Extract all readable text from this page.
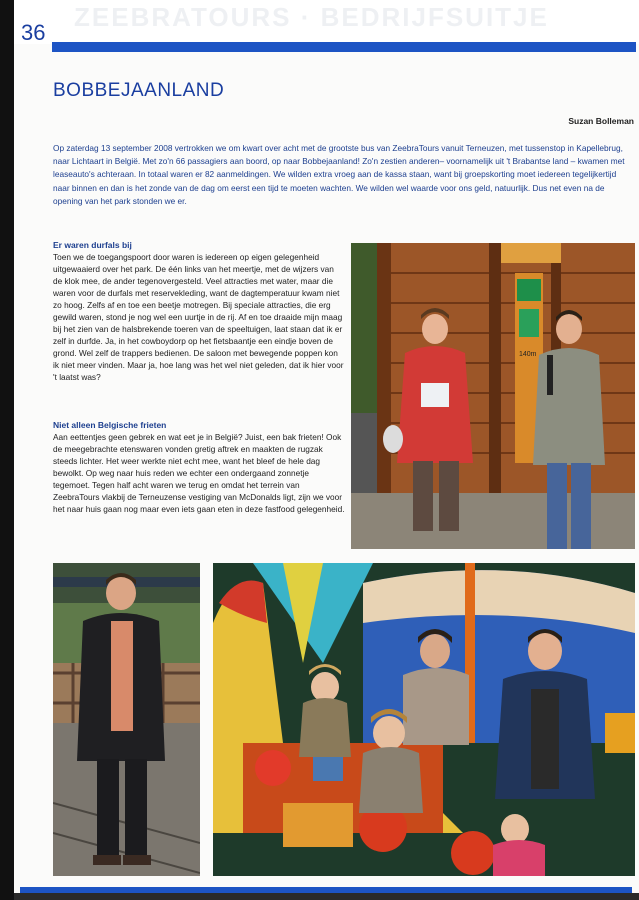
ZEEBRATOURS · BEDRIJFSUITJE
36
BOBBEJAANLAND
Suzan Bolleman
Op zaterdag 13 september 2008 vertrokken we om kwart over acht met de grootste bus van ZeebraTours vanuit Terneuzen, met tussenstop in Kapellebrug, naar Lichtaart in België. Met zo'n 66 passagiers aan boord, op naar Bobbejaanland! Zo'n zestien anderen– voornamelijk uit 't Brabantse land – kwamen met leaseauto's achteraan. In totaal waren er 82 aanmeldingen. We wilden extra vroeg aan de kassa staan, want bij groepskorting moet iedereen tegelijkertijd naar binnen en dan is het zonde van de dag om eerst een tijd te moeten wachten. We wilden wel waarde voor ons geld, natuurlijk. Dus net even na de opening van het park stonden we er.
Er waren durfals bij

Toen we de toegangspoort door waren is iedereen op eigen gelegenheid uitgewaaierd over het park. De één links van het meertje, met de wijzers van de klok mee, de ander tegenovergesteld. Veel attracties met water, maar die waren voor de durfals met reservekleding, want de dagtemperatuur kwam niet zo hoog. Zelfs af en toe een beetje motregen. Bij speciale attracties, die erg gewild waren, stond je nog wel een uurtje in de rij. Af en toe draaide mijn maag bij het zien van de halsbrekende toeren van de speeltuigen, laat staan dat ik er zelf in durfde. Ja, in het cowboydorp op het fietsbaantje een eindje boven de grond. Wel zelf de trappers bedienen. De saloon met bewegende poppen kon ik niet meer vinden. Maar ja, hoe lang was het wel niet geleden, dat ik hier voor 't laatst was?

Niet alleen Belgische frieten

Aan eettentjes geen gebrek en wat eet je in België? Juist, een bak frieten! Ook de meegebrachte etenswaren vonden gretig aftrek en maakten de rugzak steeds lichter. Het weer werkte niet echt mee, want het bleef de hele dag bewolkt. Op weg naar huis reden we echter een ondergaand zonnetje tegemoet. Tegen half acht waren we terug en omdat het terrein van ZeebraTours vlakbij de Terneuzense vestiging van McDonalds ligt, zijn we voor het naar huis gaan nog maar even iets gaan eten in deze fastfood gelegenheid.

140m
